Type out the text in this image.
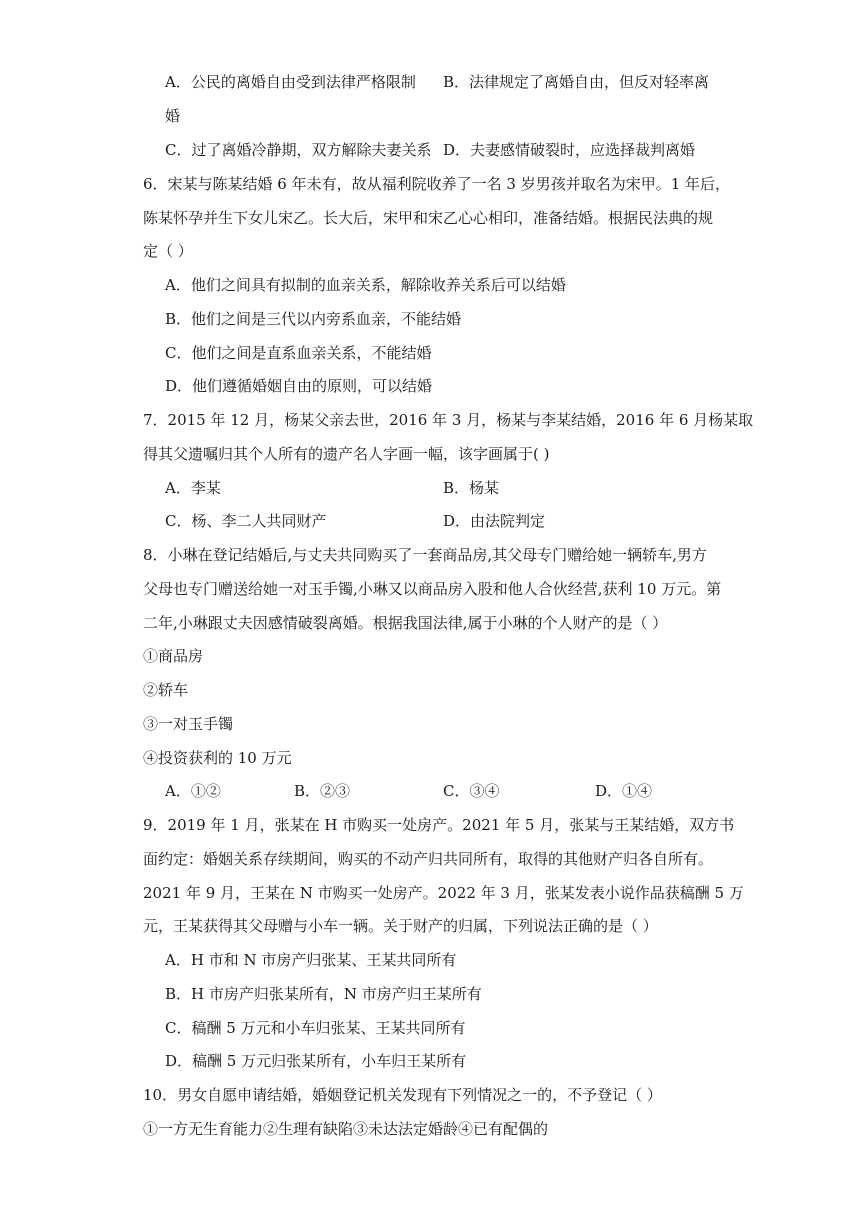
A．公民的离婚自由受到法律严格限制 B．法律规定了离婚自由，但反对轻率离
婚
C．过了离婚冷静期，双方解除夫妻关系 D．夫妻感情破裂时，应选择裁判离婚
6．宋某与陈某结婚 6 年未有，故从福利院收养了一名 3 岁男孩并取名为宋甲。1 年后，
陈某怀孕并生下女儿宋乙。长大后，宋甲和宋乙心心相印，准备结婚。根据民法典的规
定（ ）
A．他们之间具有拟制的血亲关系，解除收养关系后可以结婚
B．他们之间是三代以内旁系血亲，不能结婚
C．他们之间是直系血亲关系，不能结婚
D．他们遵循婚姻自由的原则，可以结婚
7．2015 年 12 月，杨某父亲去世，2016 年 3 月，杨某与李某结婚，2016 年 6 月杨某取
得其父遗嘱归其个人所有的遗产名人字画一幅，该字画属于( )
A．李某	B．杨某
C．杨、李二人共同财产	D．由法院判定
8．小琳在登记结婚后,与丈夫共同购买了一套商品房,其父母专门赠给她一辆轿车,男方
父母也专门赠送给她一对玉手镯,小琳又以商品房入股和他人合伙经营,获利 10 万元。第
二年,小琳跟丈夫因感情破裂离婚。根据我国法律,属于小琳的个人财产的是（ ）
①商品房
②轿车
③一对玉手镯
④投资获利的 10 万元
A．①②	B．②③	C．③④	D．①④
9．2019 年 1 月，张某在 H 市购买一处房产。2021 年 5 月，张某与王某结婚，双方书
面约定：婚姻关系存续期间，购买的不动产归共同所有，取得的其他财产归各自所有。
2021 年 9 月，王某在 N 市购买一处房产。2022 年 3 月，张某发表小说作品获稿酬 5 万
元，王某获得其父母赠与小车一辆。关于财产的归属，下列说法正确的是（ ）
A．H 市和 N 市房产归张某、王某共同所有
B．H 市房产归张某所有，N 市房产归王某所有
C．稿酬 5 万元和小车归张某、王某共同所有
D．稿酬 5 万元归张某所有，小车归王某所有
10．男女自愿申请结婚，婚姻登记机关发现有下列情况之一的，不予登记（ ）
①一方无生育能力②生理有缺陷③未达法定婚龄④已有配偶的
